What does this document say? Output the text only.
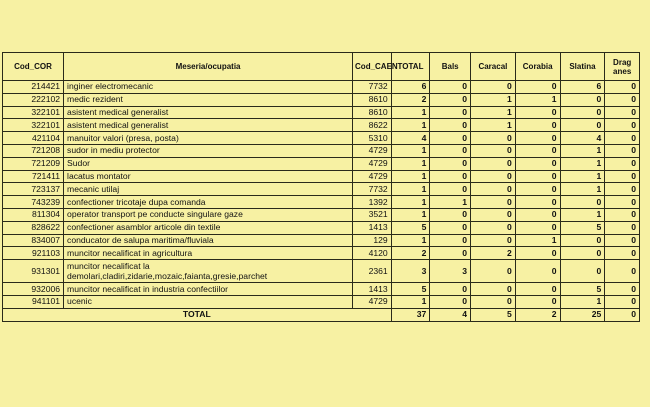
Cod_COR	Meseria/ocupatia	Cod_CAEN	TOTAL	Bals	Caracal	Corabia	Slatina	Drag anes
214421	inginer electromecanic	7732	6	0	0	0	6	0
222102	medic rezident	8610	2	0	1	1	0	0
322101	asistent medical generalist	8610	1	0	1	0	0	0
322101	asistent medical generalist	8622	1	0	1	0	0	0
421104	manuitor valori (presa, posta)	5310	4	0	0	0	4	0
721208	sudor in mediu protector	4729	1	0	0	0	1	0
721209	Sudor	4729	1	0	0	0	1	0
721411	lacatus montator	4729	1	0	0	0	1	0
723137	mecanic utilaj	7732	1	0	0	0	1	0
743239	confectioner tricotaje dupa comanda	1392	1	1	0	0	0	0
811304	operator transport pe conducte singulare gaze	3521	1	0	0	0	1	0
828622	confectioner asamblor articole din textile	1413	5	0	0	0	5	0
834007	conducator de salupa maritima/fluviala	129	1	0	0	1	0	0
921103	muncitor necalificat in agricultura	4120	2	0	2	0	0	0
931301	muncitor necalificat la demolari,cladiri,zidarie,mozaic,faianta,gresie,parchet	2361	3	3	0	0	0	0
932006	muncitor necalificat in industria confectiilor	1413	5	0	0	0	5	0
941101	ucenic	4729	1	0	0	0	1	0
TOTAL			37	4	5	2	25	0
